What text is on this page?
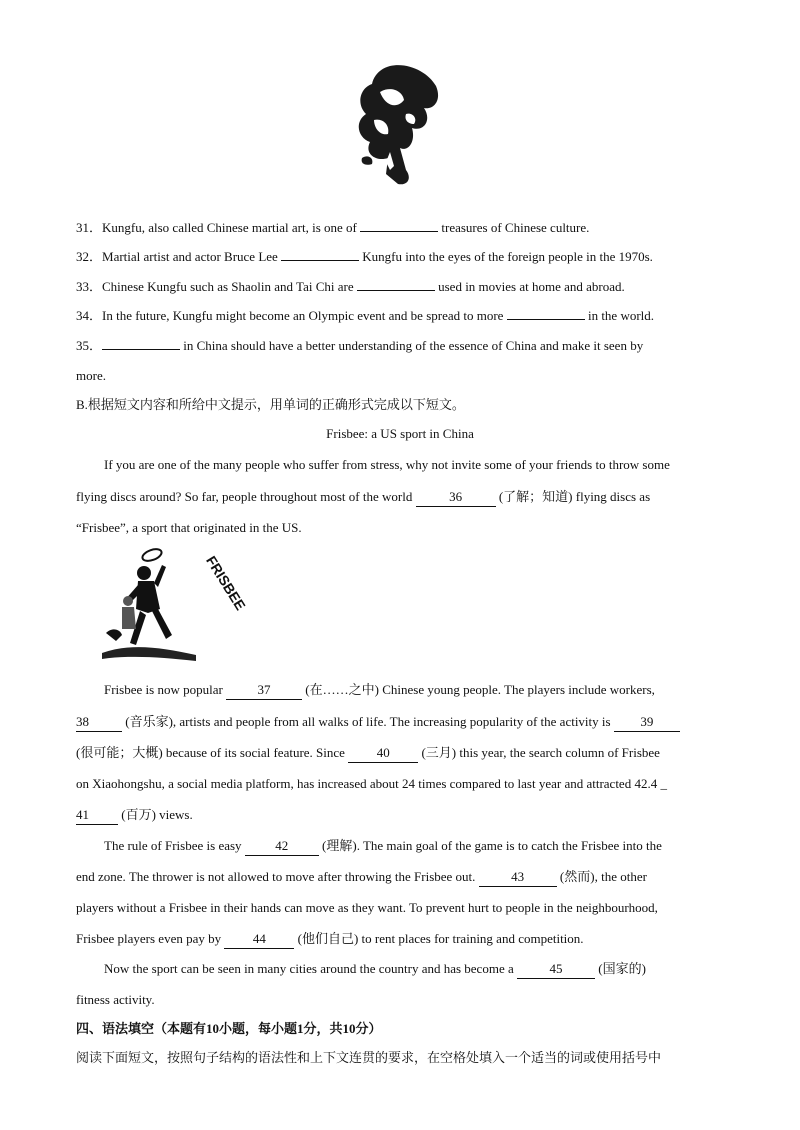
31．Kungfu, also called Chinese martial art, is one of	treasures of Chinese culture.
32．Martial artist and actor Bruce Lee	Kungfu into the eyes of the foreign people in the 1970s.
33．Chinese Kungfu such as Shaolin and Tai Chi are	used in movies at home and abroad.
34．In the future, Kungfu might become an Olympic event and be spread to more	in the world.
35．	in China should have a better understanding of the essence of China and make it seen by
more.
B.根据短文内容和所给中文提示，用单词的正确形式完成以下短文。
Frisbee: a US sport in China
If you are one of the many people who suffer from stress, why not invite some of your friends to throw some
flying discs around? So far, people throughout most of the world	36	(了解；知道) flying discs as
“Frisbee”, a sport that originated in the US.
FRISBEE
Frisbee is now popular	37	(在……之中) Chinese young people. The players include workers,
38	(音乐家), artists and people from all walks of life. The increasing popularity of the activity is 39
(很可能；大概) because of its social feature. Since 40 (三月) this year, the search column of Frisbee
on Xiaohongshu, a social media platform, has increased about 24 times compared to last year and attracted 42.4 _
41 (百万) views.
The rule of Frisbee is easy	42	(理解). The main goal of the game is to catch the Frisbee into the
end zone. The thrower is not allowed to move after throwing the Frisbee out.	43	(然而), the other
players without a Frisbee in their hands can move as they want. To prevent hurt to people in the neighbourhood,
Frisbee players even pay by 44 (他们自己) to rent places for training and competition.
Now the sport can be seen in many cities around the country and has become a	45	(国家的)
fitness activity.
四、语法填空（本题有10小题，每小题1分，共10分）
阅读下面短文，按照句子结构的语法性和上下文连贯的要求，在空格处填入一个适当的词或使用括号中
